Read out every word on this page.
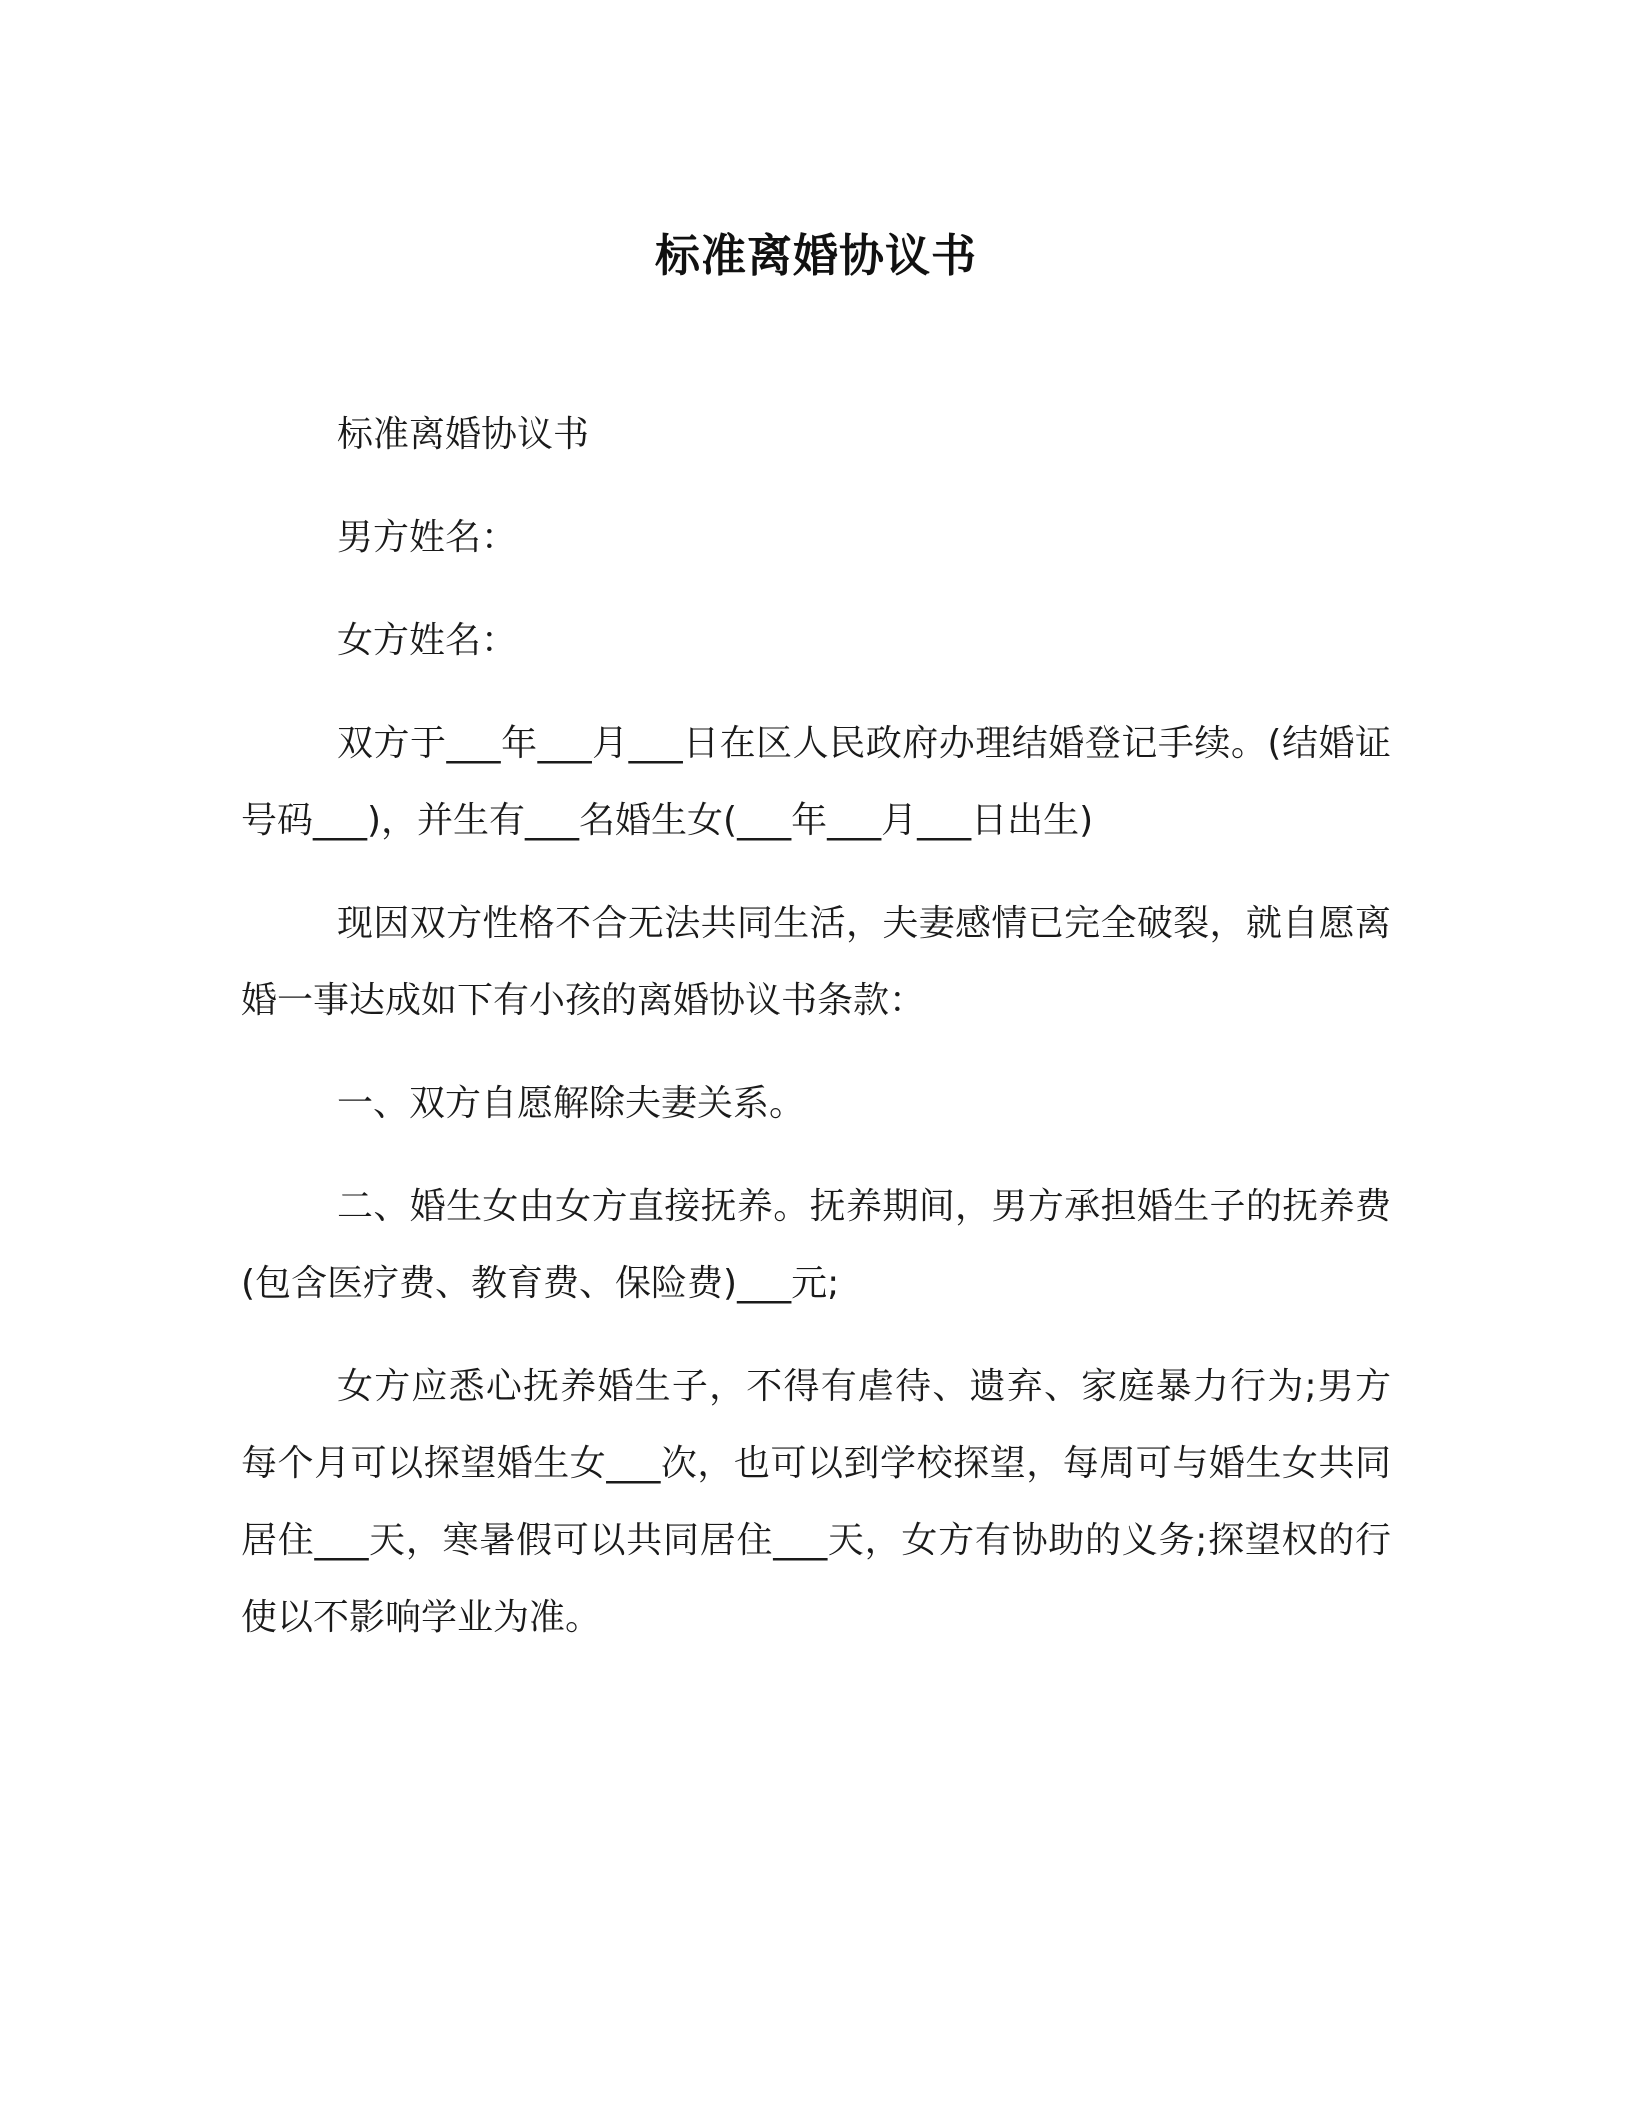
标准离婚协议书

标准离婚协议书

男方姓名：

女方姓名：

双方于___年___月___日在区人民政府办理结婚登记手续。(结婚证号码___)，并生有___名婚生女(___年___月___日出生)

现因双方性格不合无法共同生活，夫妻感情已完全破裂，就自愿离婚一事达成如下有小孩的离婚协议书条款：

一、双方自愿解除夫妻关系。

二、婚生女由女方直接抚养。抚养期间，男方承担婚生子的抚养费(包含医疗费、教育费、保险费)___元;

女方应悉心抚养婚生子，不得有虐待、遗弃、家庭暴力行为;男方每个月可以探望婚生女___次，也可以到学校探望，每周可与婚生女共同居住___天，寒暑假可以共同居住___天，女方有协助的义务;探望权的行使以不影响学业为准。
